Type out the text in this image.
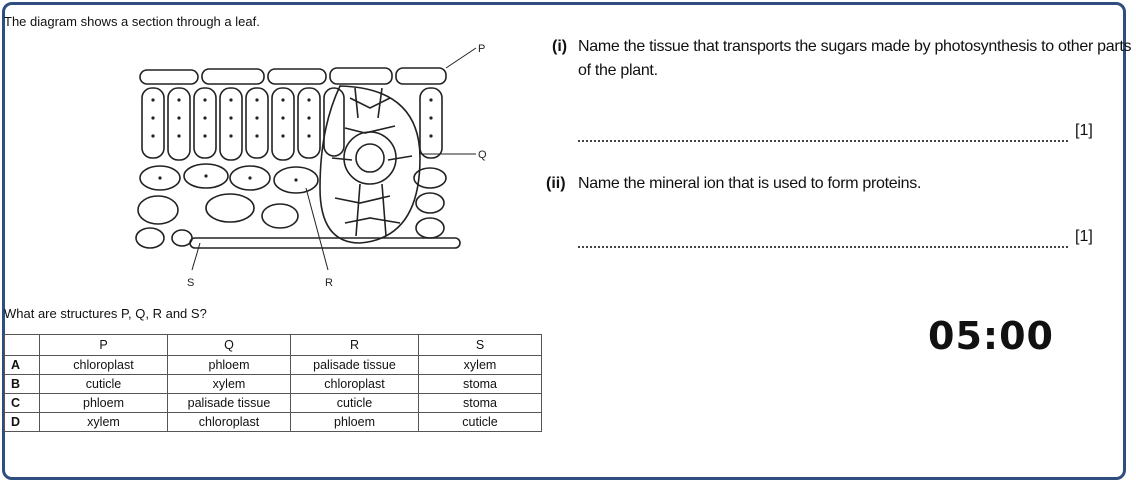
The diagram shows a section through a leaf.
P
Q
R
S
What are structures P, Q, R and S?
	P	Q	R	S
A	chloroplast	phloem	palisade tissue	xylem
B	cuticle	xylem	chloroplast	stoma
C	phloem	palisade tissue	cuticle	stoma
D	xylem	chloroplast	phloem	cuticle
(i) Name the tissue that transports the sugars made by photosynthesis to other parts
of the plant.
[1]
(ii) Name the mineral ion that is used to form proteins.
[1]
05:00
